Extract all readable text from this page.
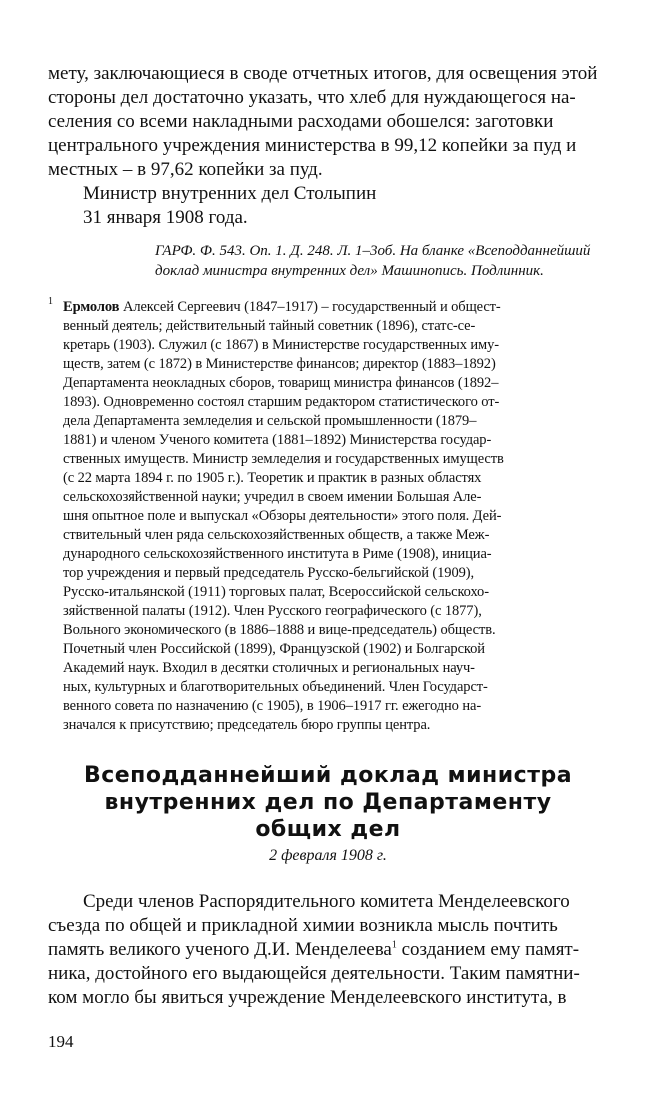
мету, заключающиеся в своде отчетных итогов, для освещения этой

стороны дел достаточно указать, что хлеб для нуждающегося на-

селения со всеми накладными расходами обошелся: заготовки

центрального учреждения министерства в 99,12 копейки за пуд и

местных – в 97,62 копейки за пуд.

Министр внутренних дел Столыпин

31 января 1908 года.

ГАРФ. Ф. 543. Оп. 1. Д. 248. Л. 1–3об. На бланке «Всеподданнейший

доклад министра внутренних дел» Машинопись. Подлинник.

1 Ермолов Алексей Сергеевич (1847–1917) – государственный и общест-

венный деятель; действительный тайный советник (1896), статс-се-

кретарь (1903). Служил (с 1867) в Министерстве государственных иму-

ществ, затем (с 1872) в Министерстве финансов; директор (1883–1892)

Департамента неокладных сборов, товарищ министра финансов (1892–

1893). Одновременно состоял старшим редактором статистического от-

дела Департамента земледелия и сельской промышленности (1879–

1881) и членом Ученого комитета (1881–1892) Министерства государ-

ственных имуществ. Министр земледелия и государственных имуществ

(с 22 марта 1894 г. по 1905 г.). Теоретик и практик в разных областях

сельскохозяйственной науки; учредил в своем имении Большая Але-

шня опытное поле и выпускал «Обзоры деятельности» этого поля. Дей-

ствительный член ряда сельскохозяйственных обществ, а также Меж-

дународного сельскохозяйственного института в Риме (1908), инициа-

тор учреждения и первый председатель Русско-бельгийской (1909),

Русско-итальянской (1911) торговых палат, Всероссийской сельскохо-

зяйственной палаты (1912). Член Русского географического (с 1877),

Вольного экономического (в 1886–1888 и вице-председатель) обществ.

Почетный член Российской (1899), Французской (1902) и Болгарской

Академий наук. Входил в десятки столичных и региональных науч-

ных, культурных и благотворительных объединений. Член Государст-

венного совета по назначению (с 1905), в 1906–1917 гг. ежегодно на-

значался к присутствию; председатель бюро группы центра.

Всеподданнейший доклад министра

внутренних дел по Департаменту

общих дел

2 февраля 1908 г.

Среди членов Распорядительного комитета Менделеевского

съезда по общей и прикладной химии возникла мысль почтить

память великого ученого Д.И. Менделеева$^1$ созданием ему памят-

ника, достойного его выдающейся деятельности. Таким памятни-

ком могло бы явиться учреждение Менделеевского института, в

194
